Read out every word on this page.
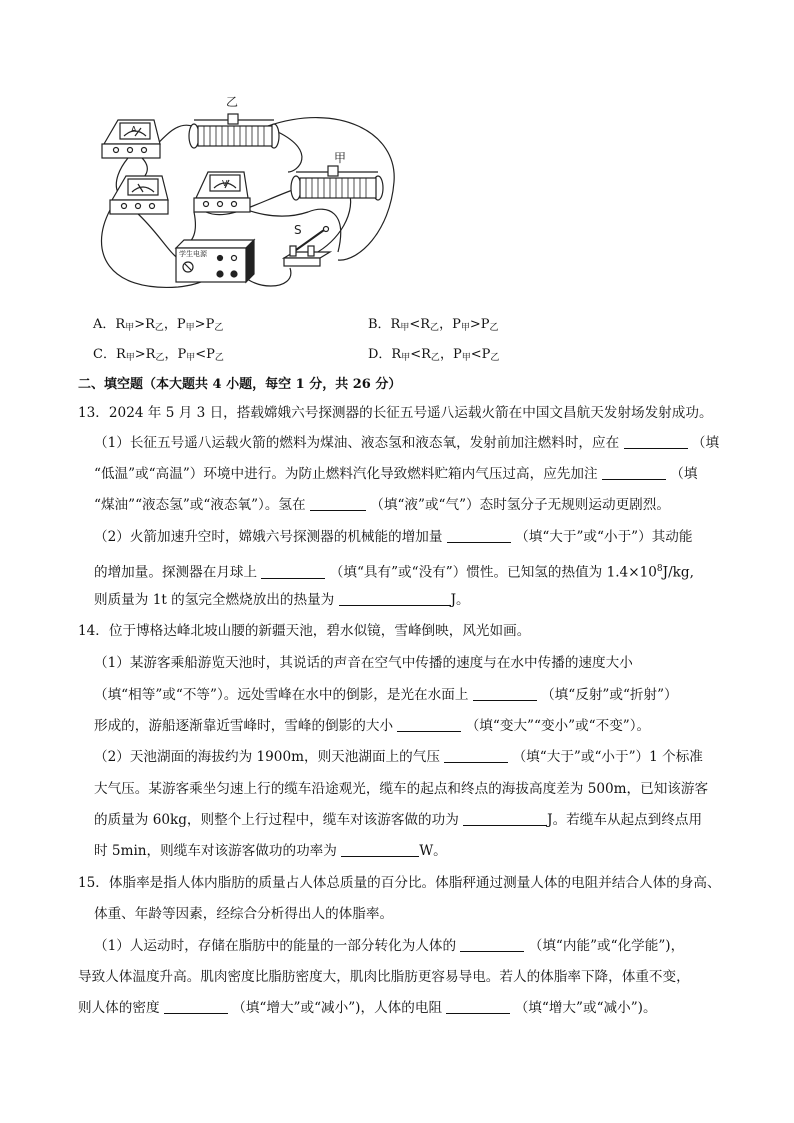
A
乙
V
甲
学生电源
S
A．$R_甲>R_乙$，$P_甲>P_乙$	B．$R_甲<R_乙$，$P_甲>P_乙$
C．$R_甲>R_乙$，$P_甲<P_乙$	D．$R_甲<R_乙$，$P_甲<P_乙$
二、填空题（本大题共 4 小题，每空 1 分，共 26 分）
13．2024 年 5 月 3 日，搭载嫦娥六号探测器的长征五号遥八运载火箭在中国文昌航天发射场发射成功。
（1）长征五号遥八运载火箭的燃料为煤油、液态氢和液态氧，发射前加注燃料时，应在	（填
“低温”或“高温”）环境中进行。为防止燃料汽化导致燃料贮箱内气压过高，应先加注	（填
“煤油”“液态氢”或“液态氧”）。氢在	（填“液”或“气”）态时氢分子无规则运动更剧烈。
（2）火箭加速升空时，嫦娥六号探测器的机械能的增加量	（填“大于”或“小于”）其动能
的增加量。探测器在月球上	（填“具有”或“没有”）惯性。已知氢的热值为 $1.4\times 10^8J/kg$,
则质量为 1t 的氢完全燃烧放出的热量为	J。
14．位于博格达峰北坡山腰的新疆天池，碧水似镜，雪峰倒映，风光如画。
（1）某游客乘船游览天池时，其说话的声音在空气中传播的速度与在水中传播的速度大小
（填“相等”或“不等”）。远处雪峰在水中的倒影，是光在水面上	（填“反射”或“折射”）
形成的，游船逐渐靠近雪峰时，雪峰的倒影的大小	（填“变大”“变小”或“不变”）。
（2）天池湖面的海拔约为 1900m，则天池湖面上的气压	（填“大于”或“小于”）1 个标准
大气压。某游客乘坐匀速上行的缆车沿途观光，缆车的起点和终点的海拔高度差为 500m，已知该游客
的质量为 60kg，则整个上行过程中，缆车对该游客做的功为	J。若缆车从起点到终点用
时 5min，则缆车对该游客做功的功率为	W。
15．体脂率是指人体内脂肪的质量占人体总质量的百分比。体脂秤通过测量人体的电阻并结合人体的身高、
体重、年龄等因素，经综合分析得出人的体脂率。
（1）人运动时，存储在脂肪中的能量的一部分转化为人体的	（填“内能”或“化学能”)，
导致人体温度升高。肌肉密度比脂肪密度大，肌肉比脂肪更容易导电。若人的体脂率下降，体重不变，
则人体的密度	（填“增大”或“减小”)，人体的电阻	（填“增大”或“减小”)。
